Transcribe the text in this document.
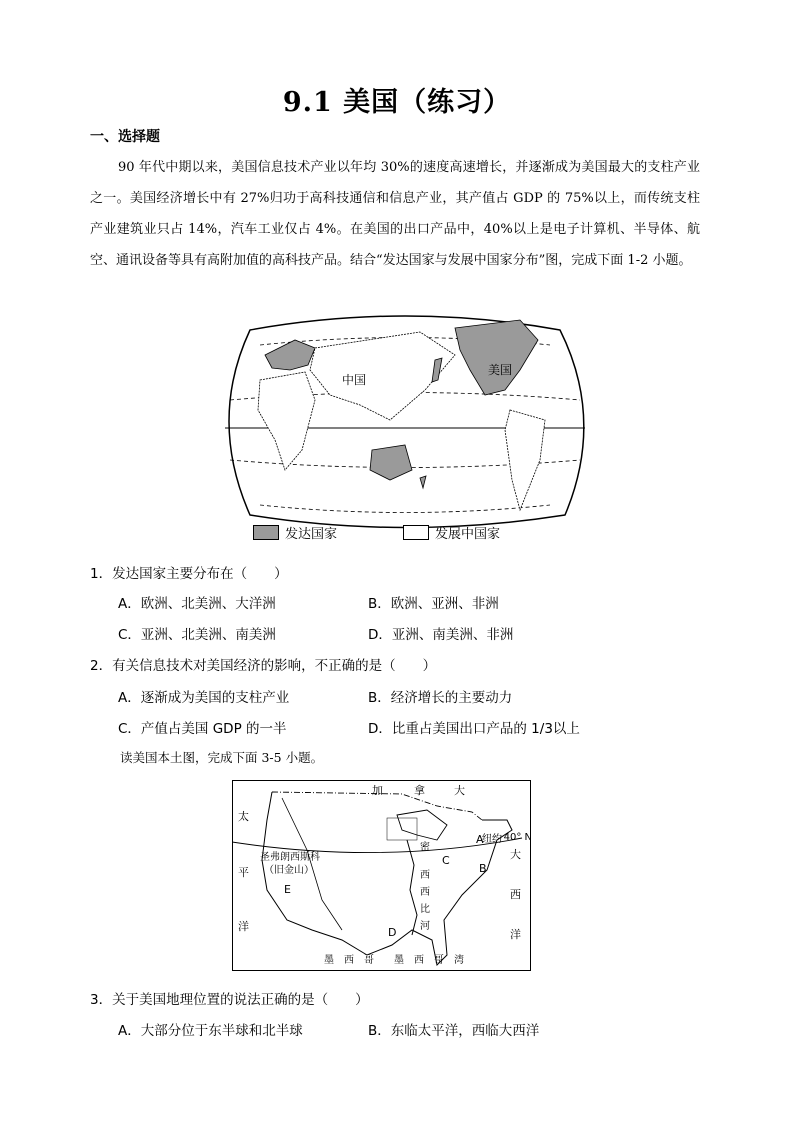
9.1 美国（练习）
一、选择题

90 年代中期以来，美国信息技术产业以年均 30%的速度高速增长，并逐渐成为美国最大的支柱产业之一。美国经济增长中有 27%归功于高科技通信和信息产业，其产值占 GDP 的 75%以上，而传统支柱产业建筑业只占 14%，汽车工业仅占 4%。在美国的出口产品中，40%以上是电子计算机、半导体、航空、通讯设备等具有高附加值的高科技产品。结合“发达国家与发展中国家分布”图，完成下面 1-2 小题。

中国
美国
发达国家	发展中国家
1．发达国家主要分布在（　　）
A．欧洲、北美洲、大洋洲	B．欧洲、亚洲、非洲
C．亚洲、北美洲、南美洲	D．亚洲、南美洲、非洲
2．有关信息技术对美国经济的影响，不正确的是（　　）
A．逐渐成为美国的支柱产业	B．经济增长的主要动力
C．产值占美国 GDP 的一半	D．比重占美国出口产品的 1/3以上
读美国本土图，完成下面 3-5 小题。
加	拿	大
太
平
洋
大
西
洋
墨 西 哥 墨 西 哥 湾
密
西
西
比
河
圣弗朗西斯科
（旧金山）
纽约 40° N
A
B
C
D
E
3．关于美国地理位置的说法正确的是（　　）
A．大部分位于东半球和北半球	B．东临太平洋，西临大西洋
